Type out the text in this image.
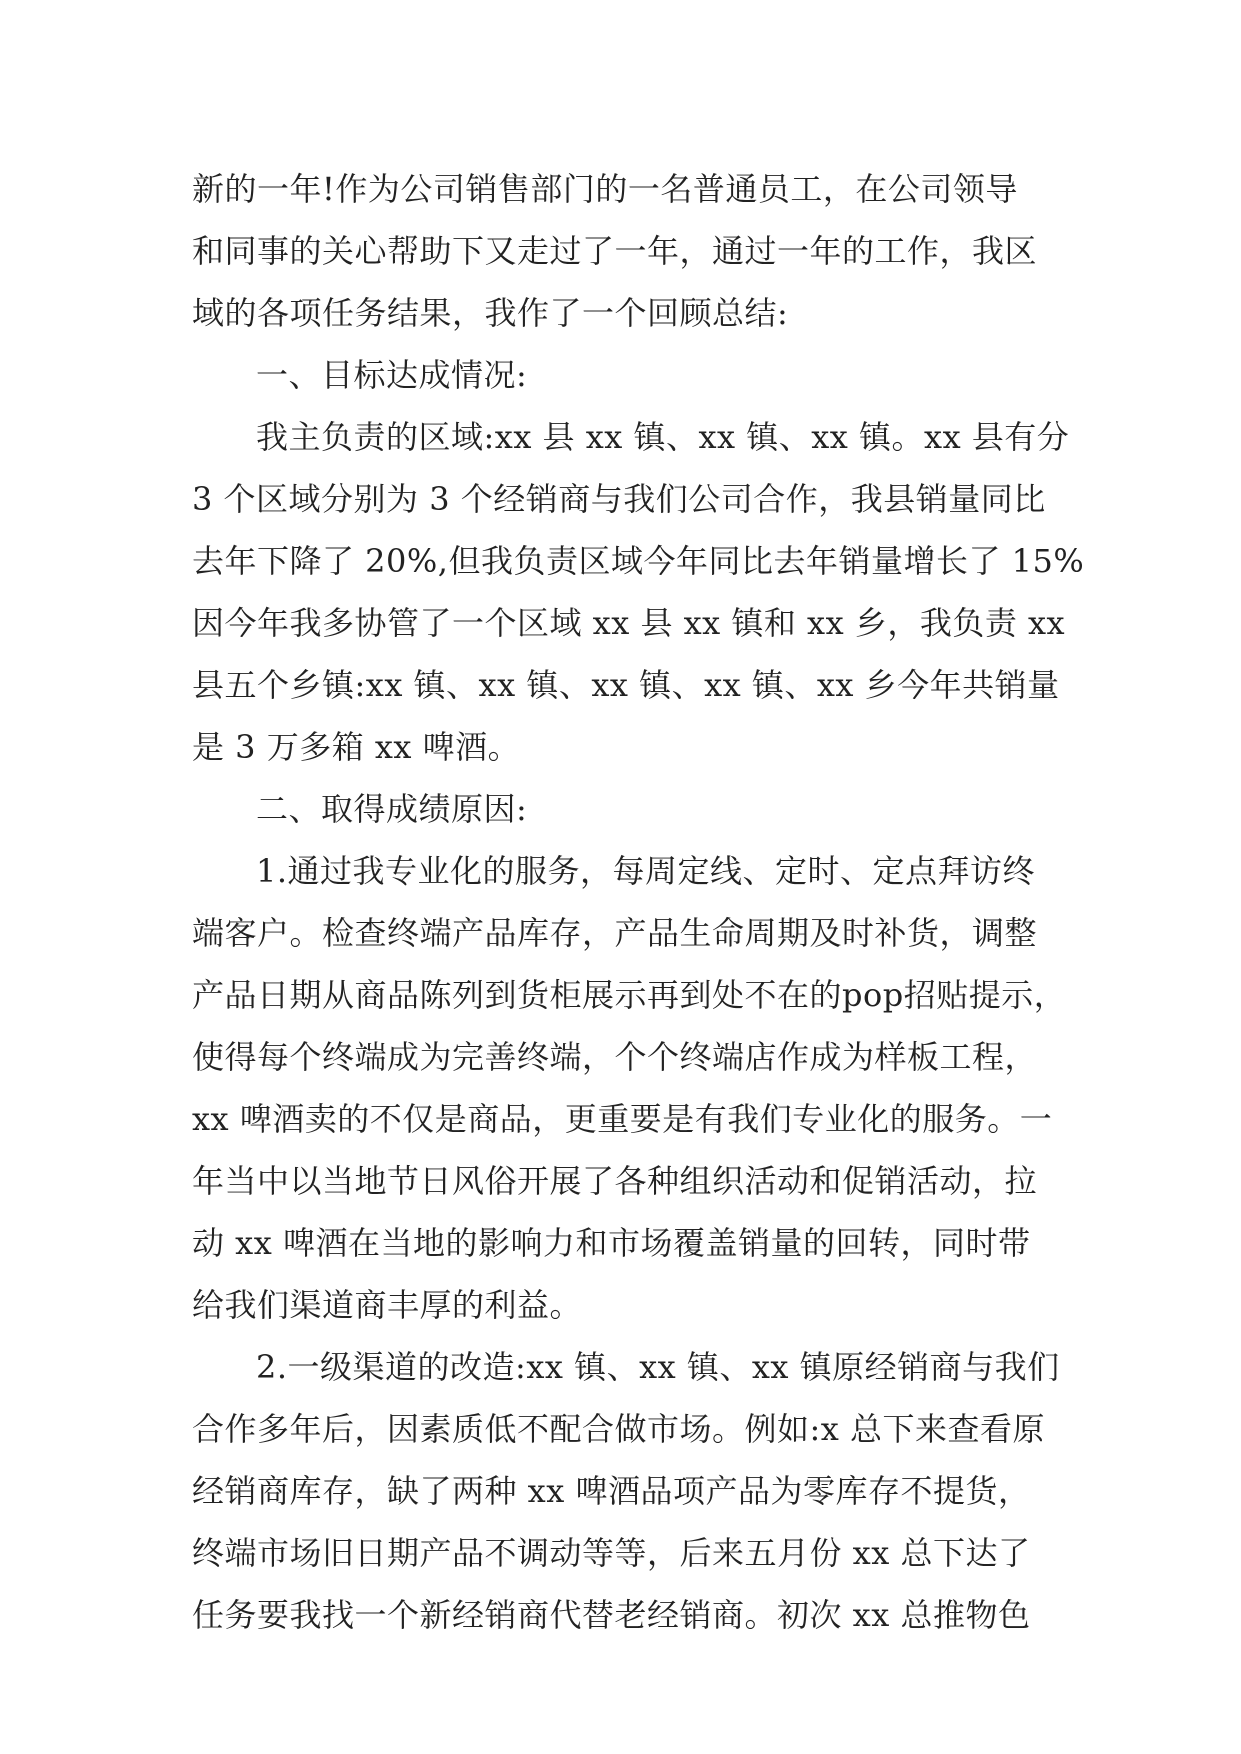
新的一年!作为公司销售部门的一名普通员工，在公司领导
和同事的关心帮助下又走过了一年，通过一年的工作，我区
域的各项任务结果，我作了一个回顾总结:

一、目标达成情况:

我主负责的区域:xx 县 xx 镇、xx 镇、xx 镇。xx 县有分
3 个区域分别为 3 个经销商与我们公司合作，我县销量同比
去年下降了 20%,但我负责区域今年同比去年销量增长了 15%
因今年我多协管了一个区域 xx 县 xx 镇和 xx 乡，我负责 xx
县五个乡镇:xx 镇、xx 镇、xx 镇、xx 镇、xx 乡今年共销量
是 3 万多箱 xx 啤酒。

二、取得成绩原因:

1.通过我专业化的服务，每周定线、定时、定点拜访终
端客户。检查终端产品库存，产品生命周期及时补货，调整
产品日期从商品陈列到货柜展示再到处不在的pop招贴提示，
使得每个终端成为完善终端，个个终端店作成为样板工程，
xx 啤酒卖的不仅是商品，更重要是有我们专业化的服务。一
年当中以当地节日风俗开展了各种组织活动和促销活动，拉
动 xx 啤酒在当地的影响力和市场覆盖销量的回转，同时带
给我们渠道商丰厚的利益。

2.一级渠道的改造:xx 镇、xx 镇、xx 镇原经销商与我们
合作多年后，因素质低不配合做市场。例如:x 总下来查看原
经销商库存，缺了两种 xx 啤酒品项产品为零库存不提货，
终端市场旧日期产品不调动等等，后来五月份 xx 总下达了
任务要我找一个新经销商代替老经销商。初次 xx 总推物色
